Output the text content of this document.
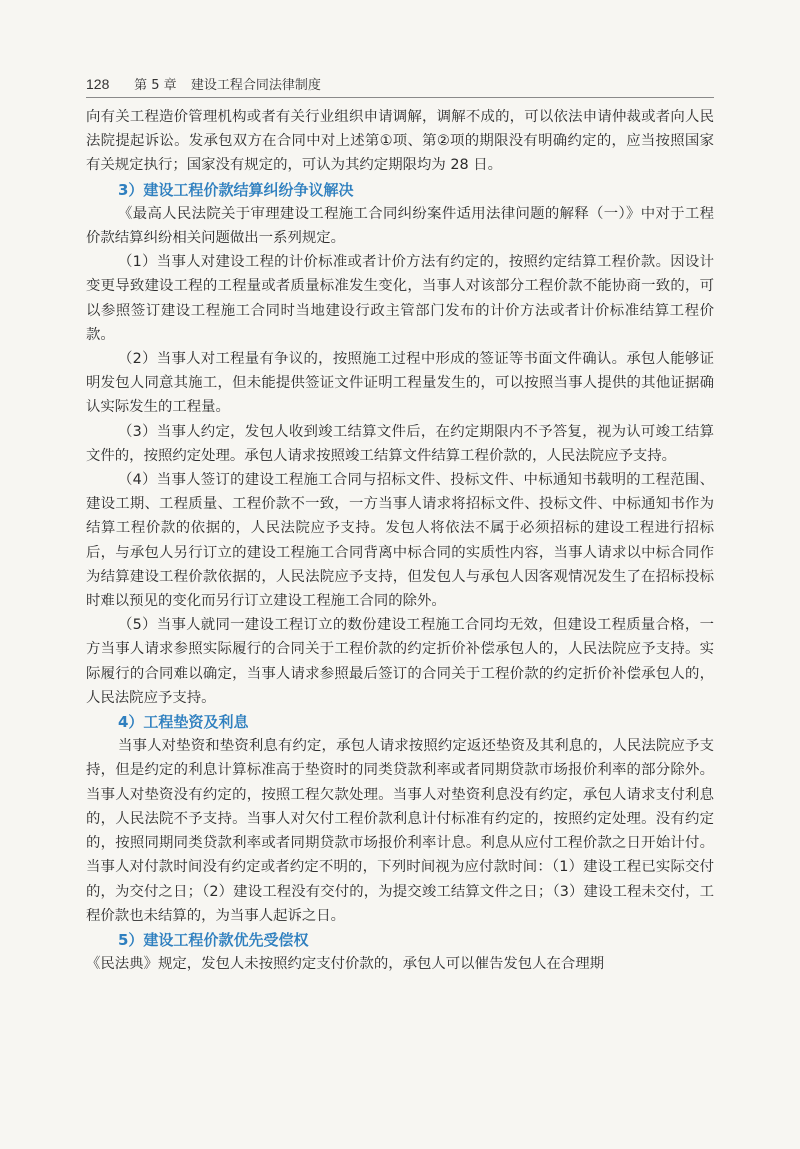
128 第 5 章 建设工程合同法律制度

向有关工程造价管理机构或者有关行业组织申请调解，调解不成的，可以依法申请仲裁或者向人民法院提起诉讼。发承包双方在合同中对上述第①项、第②项的期限没有明确约定的，应当按照国家有关规定执行；国家没有规定的，可认为其约定期限均为 28 日。

3）建设工程价款结算纠纷争议解决

《最高人民法院关于审理建设工程施工合同纠纷案件适用法律问题的解释（一）》中对于工程价款结算纠纷相关问题做出一系列规定。

（1）当事人对建设工程的计价标准或者计价方法有约定的，按照约定结算工程价款。因设计变更导致建设工程的工程量或者质量标准发生变化，当事人对该部分工程价款不能协商一致的，可以参照签订建设工程施工合同时当地建设行政主管部门发布的计价方法或者计价标准结算工程价款。

（2）当事人对工程量有争议的，按照施工过程中形成的签证等书面文件确认。承包人能够证明发包人同意其施工，但未能提供签证文件证明工程量发生的，可以按照当事人提供的其他证据确认实际发生的工程量。

（3）当事人约定，发包人收到竣工结算文件后，在约定期限内不予答复，视为认可竣工结算文件的，按照约定处理。承包人请求按照竣工结算文件结算工程价款的，人民法院应予支持。

（4）当事人签订的建设工程施工合同与招标文件、投标文件、中标通知书载明的工程范围、建设工期、工程质量、工程价款不一致，一方当事人请求将招标文件、投标文件、中标通知书作为结算工程价款的依据的，人民法院应予支持。发包人将依法不属于必须招标的建设工程进行招标后，与承包人另行订立的建设工程施工合同背离中标合同的实质性内容，当事人请求以中标合同作为结算建设工程价款依据的，人民法院应予支持，但发包人与承包人因客观情况发生了在招标投标时难以预见的变化而另行订立建设工程施工合同的除外。

（5）当事人就同一建设工程订立的数份建设工程施工合同均无效，但建设工程质量合格，一方当事人请求参照实际履行的合同关于工程价款的约定折价补偿承包人的，人民法院应予支持。实际履行的合同难以确定，当事人请求参照最后签订的合同关于工程价款的约定折价补偿承包人的，人民法院应予支持。

4）工程垫资及利息

当事人对垫资和垫资利息有约定，承包人请求按照约定返还垫资及其利息的，人民法院应予支持，但是约定的利息计算标准高于垫资时的同类贷款利率或者同期贷款市场报价利率的部分除外。当事人对垫资没有约定的，按照工程欠款处理。当事人对垫资利息没有约定，承包人请求支付利息的，人民法院不予支持。当事人对欠付工程价款利息计付标准有约定的，按照约定处理。没有约定的，按照同期同类贷款利率或者同期贷款市场报价利率计息。利息从应付工程价款之日开始计付。当事人对付款时间没有约定或者约定不明的，下列时间视为应付款时间：（1）建设工程已实际交付的，为交付之日；（2）建设工程没有交付的，为提交竣工结算文件之日；（3）建设工程未交付，工程价款也未结算的，为当事人起诉之日。

5）建设工程价款优先受偿权

《民法典》规定，发包人未按照约定支付价款的，承包人可以催告发包人在合理期
